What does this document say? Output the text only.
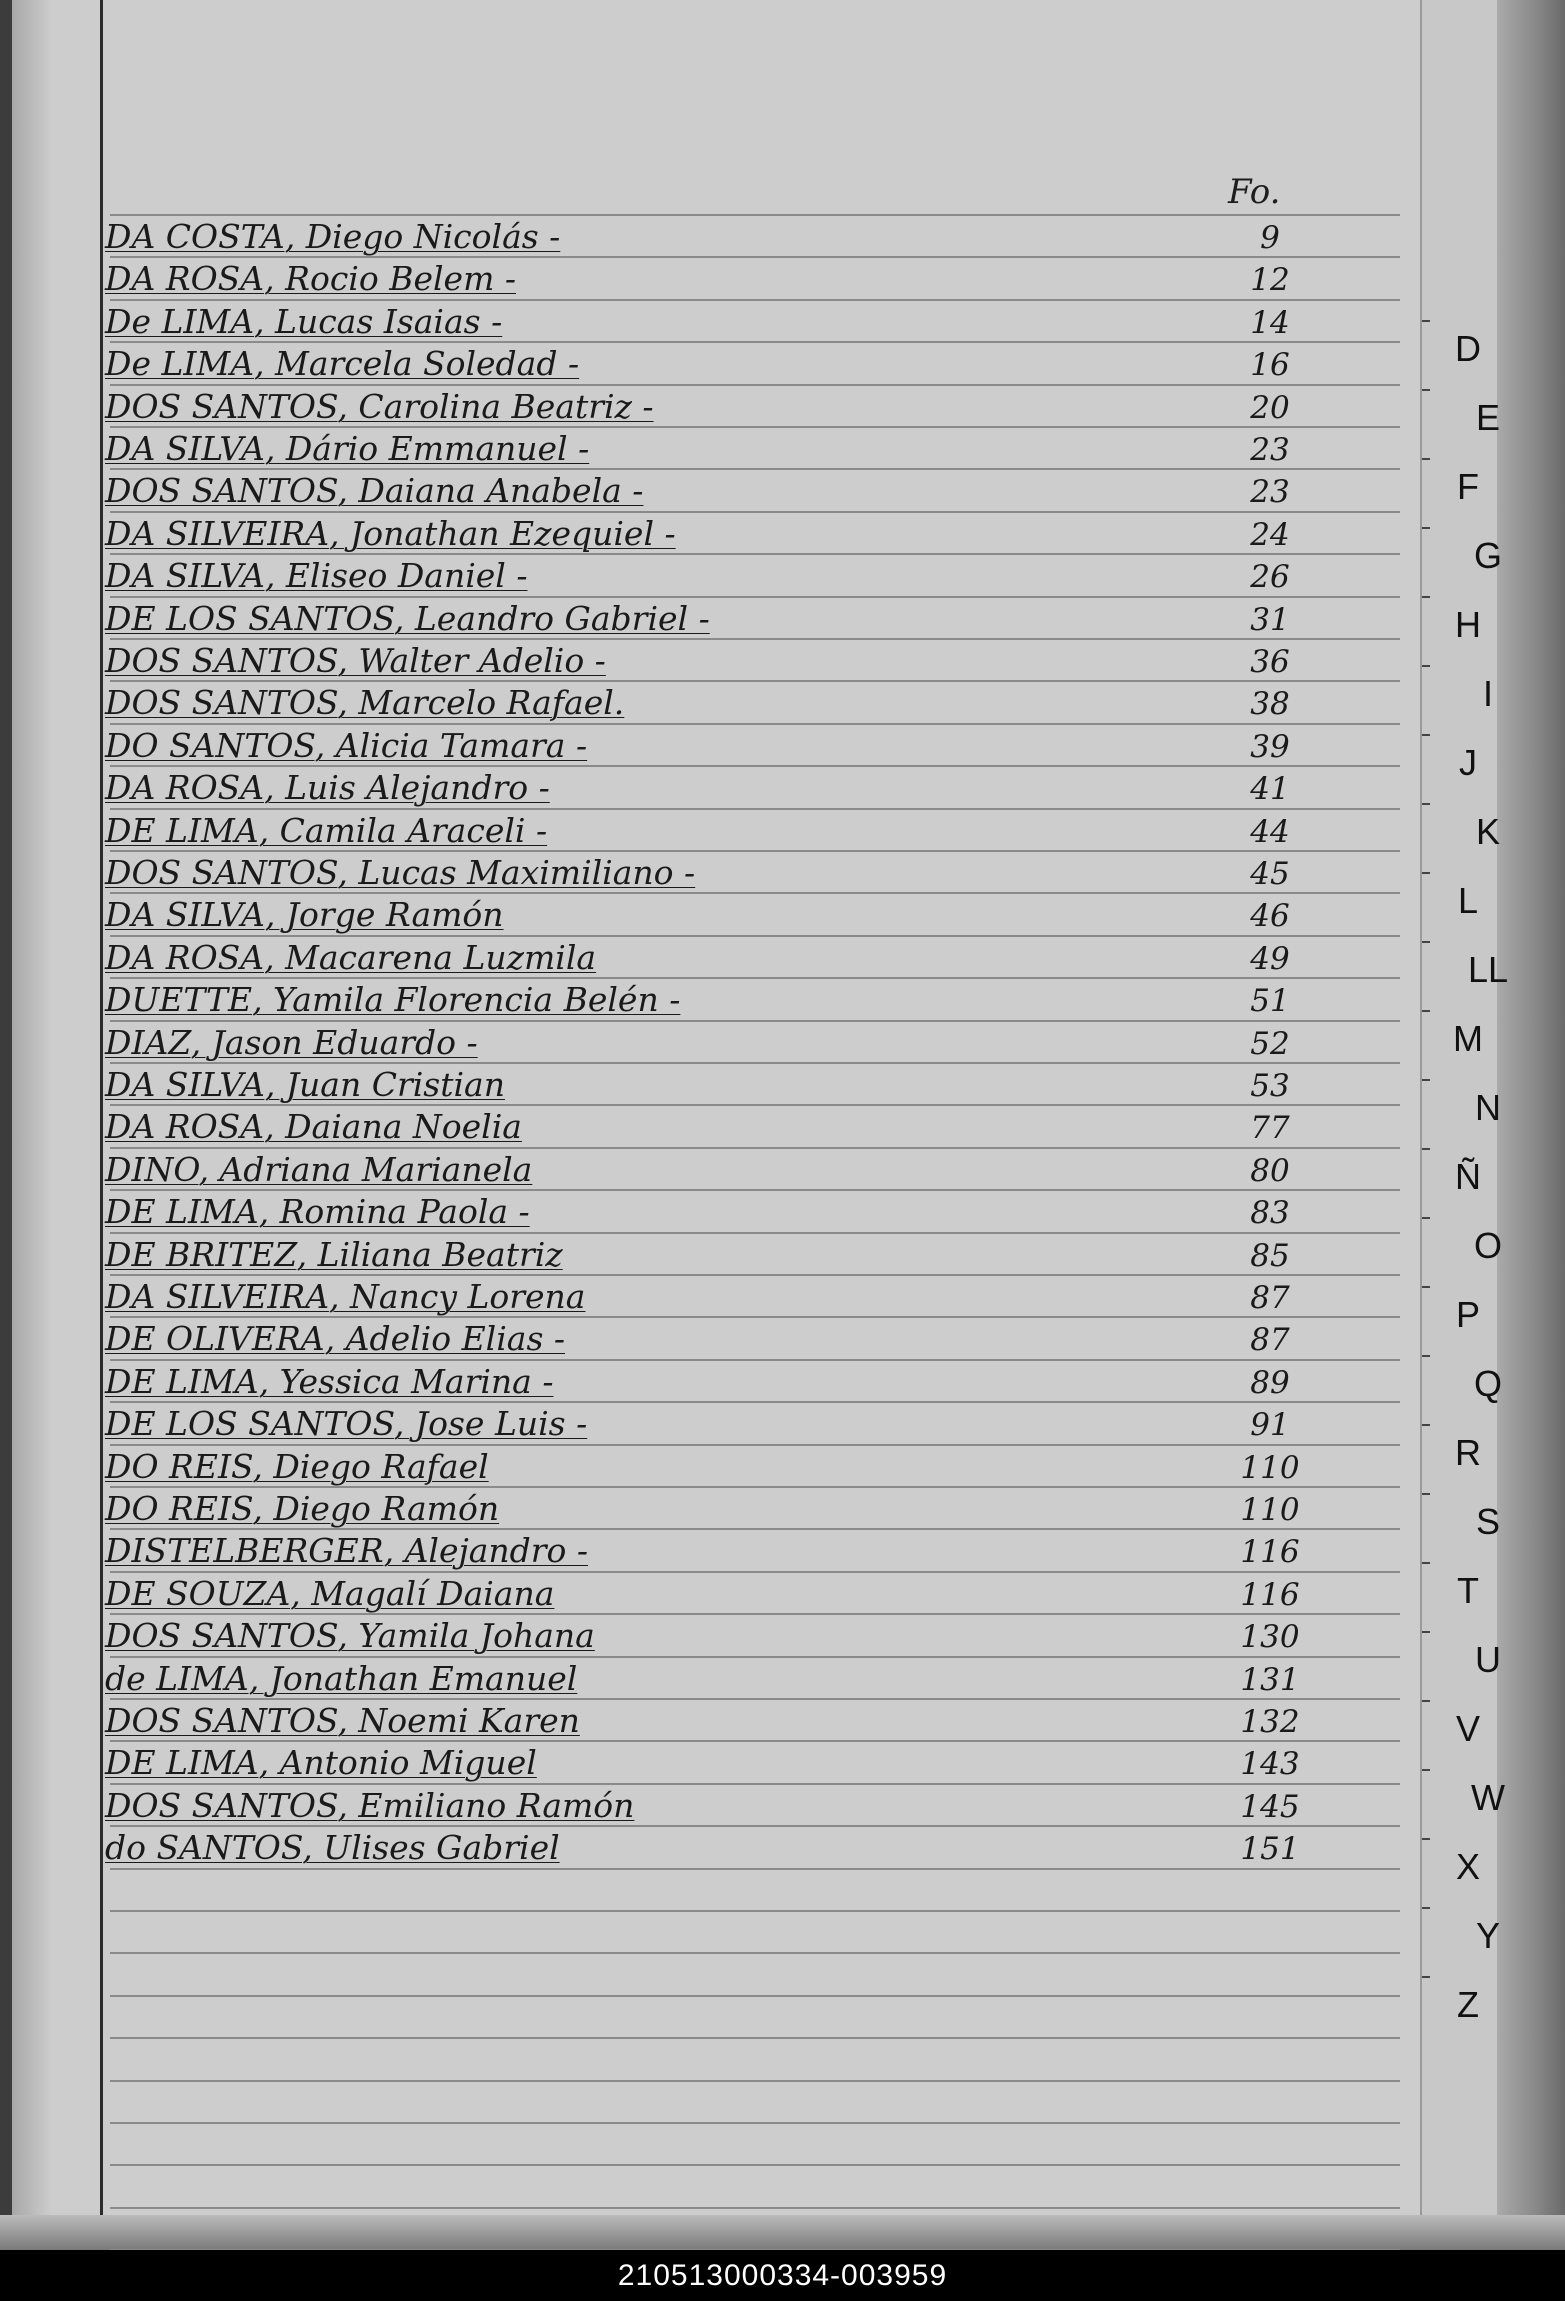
Fo.
DA COSTA, Diego Nicolás -	9
DA ROSA, Rocio Belem -	12
De LIMA, Lucas Isaias -	14
De LIMA, Marcela Soledad -	16
DOS SANTOS, Carolina Beatriz -	20
DA SILVA, Dário Emmanuel -	23
DOS SANTOS, Daiana Anabela -	23
DA SILVEIRA, Jonathan Ezequiel -	24
DA SILVA, Eliseo Daniel -	26
DE LOS SANTOS, Leandro Gabriel -	31
DOS SANTOS, Walter Adelio -	36
DOS SANTOS, Marcelo Rafael.	38
DO SANTOS, Alicia Tamara -	39
DA ROSA, Luis Alejandro -	41
DE LIMA, Camila Araceli -	44
DOS SANTOS, Lucas Maximiliano -	45
DA SILVA, Jorge Ramón	46
DA ROSA, Macarena Luzmila	49
DUETTE, Yamila Florencia Belén -	51
DIAZ, Jason Eduardo -	52
DA SILVA, Juan Cristian	53
DA ROSA, Daiana Noelia	77
DINO, Adriana Marianela	80
DE LIMA, Romina Paola -	83
DE BRITEZ, Liliana Beatriz	85
DA SILVEIRA, Nancy Lorena	87
DE OLIVERA, Adelio Elias -	87
DE LIMA, Yessica Marina -	89
DE LOS SANTOS, Jose Luis -	91
DO REIS, Diego Rafael	110
DO REIS, Diego Ramón	110
DISTELBERGER, Alejandro -	116
DE SOUZA, Magalí Daiana	116
DOS SANTOS, Yamila Johana	130
de LIMA, Jonathan Emanuel	131
DOS SANTOS, Noemi Karen	132
DE LIMA, Antonio Miguel	143
DOS SANTOS, Emiliano Ramón	145
do SANTOS, Ulises Gabriel	151
D
E
F
G
H
I
J
K
L
LL
M
N
Ñ
O
P
Q
R
S
T
U
V
W
X
Y
Z
210513000334-003959
